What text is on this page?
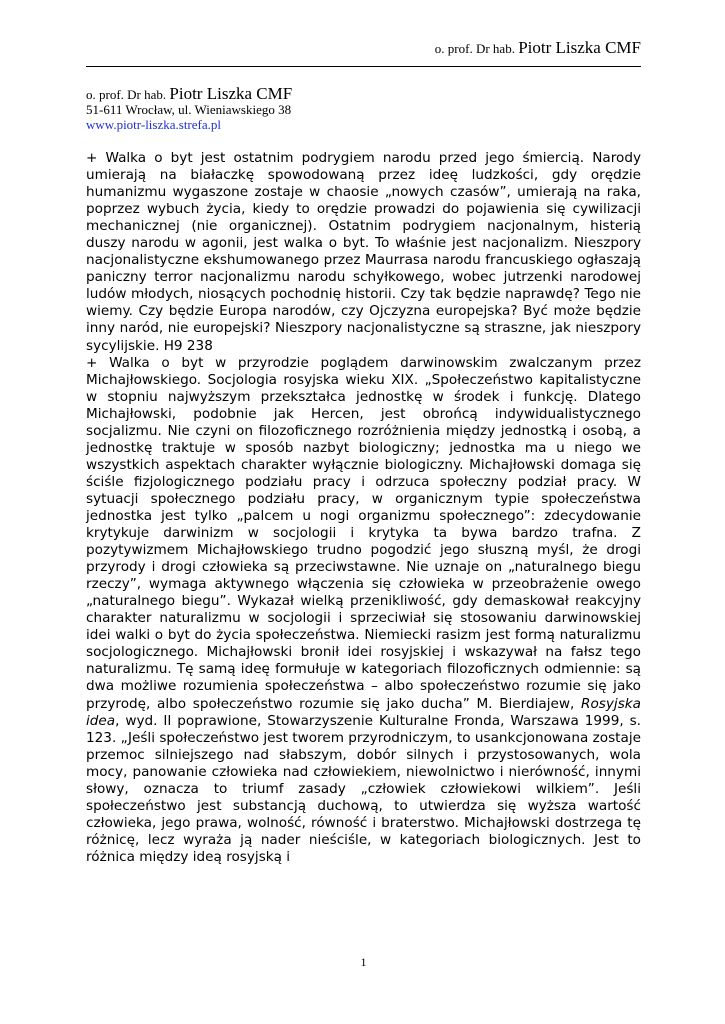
o. prof. Dr hab. Piotr Liszka CMF
o. prof. Dr hab. Piotr Liszka CMF
51-611 Wrocław, ul. Wieniawskiego 38
www.piotr-liszka.strefa.pl

+ Walka o byt jest ostatnim podrygiem narodu przed jego śmiercią. Narody umierają na białaczkę spowodowaną przez ideę ludzkości, gdy orędzie humanizmu wygaszone zostaje w chaosie „nowych czasów”, umierają na raka, poprzez wybuch życia, kiedy to orędzie prowadzi do pojawienia się cywilizacji mechanicznej (nie organicznej). Ostatnim podrygiem nacjonalnym, histerią duszy narodu w agonii, jest walka o byt. To właśnie jest nacjonalizm. Nieszpory nacjonalistyczne ekshumowanego przez Maurrasa narodu francuskiego ogłaszają paniczny terror nacjonalizmu narodu schyłkowego, wobec jutrzenki narodowej ludów młodych, niosących pochodnię historii. Czy tak będzie naprawdę? Tego nie wiemy. Czy będzie Europa narodów, czy Ojczyzna europejska? Być może będzie inny naród, nie europejski? Nieszpory nacjonalistyczne są straszne, jak nieszpory sycylijskie. H9 238

+ Walka o byt w przyrodzie poglądem darwinowskim zwalczanym przez Michajłowskiego. Socjologia rosyjska wieku XIX. „Społeczeństwo kapitalistyczne w stopniu najwyższym przekształca jednostkę w środek i funkcję. Dlatego Michajłowski, podobnie jak Hercen, jest obrońcą indywidualistycznego socjalizmu. Nie czyni on filozoficznego rozróżnienia między jednostką i osobą, a jednostkę traktuje w sposób nazbyt biologiczny; jednostka ma u niego we wszystkich aspektach charakter wyłącznie biologiczny. Michajłowski domaga się ściśle fizjologicznego podziału pracy i odrzuca społeczny podział pracy. W sytuacji społecznego podziału pracy, w organicznym typie społeczeństwa jednostka jest tylko „palcem u nogi organizmu społecznego”: zdecydowanie krytykuje darwinizm w socjologii i krytyka ta bywa bardzo trafna. Z pozytywizmem Michajłowskiego trudno pogodzić jego słuszną myśl, że drogi przyrody i drogi człowieka są przeciwstawne. Nie uznaje on „naturalnego biegu rzeczy”, wymaga aktywnego włączenia się człowieka w przeobrażenie owego „naturalnego biegu”. Wykazał wielką przenikliwość, gdy demaskował reakcyjny charakter naturalizmu w socjologii i sprzeciwiał się stosowaniu darwinowskiej idei walki o byt do życia społeczeństwa. Niemiecki rasizm jest formą naturalizmu socjologicznego. Michajłowski bronił idei rosyjskiej i wskazywał na fałsz tego naturalizmu. Tę samą ideę formułuje w kategoriach filozoficznych odmiennie: są dwa możliwe rozumienia społeczeństwa – albo społeczeństwo rozumie się jako przyrodę, albo społeczeństwo rozumie się jako ducha” M. Bierdiajew, Rosyjska idea, wyd. II poprawione, Stowarzyszenie Kulturalne Fronda, Warszawa 1999, s. 123. „Jeśli społeczeństwo jest tworem przyrodniczym, to usankcjonowana zostaje przemoc silniejszego nad słabszym, dobór silnych i przystosowanych, wola mocy, panowanie człowieka nad człowiekiem, niewolnictwo i nierówność, innymi słowy, oznacza to triumf zasady „człowiek człowiekowi wilkiem”. Jeśli społeczeństwo jest substancją duchową, to utwierdza się wyższa wartość człowieka, jego prawa, wolność, równość i braterstwo. Michajłowski dostrzega tę różnicę, lecz wyraża ją nader nieściśle, w kategoriach biologicznych. Jest to różnica między ideą rosyjską i

1
